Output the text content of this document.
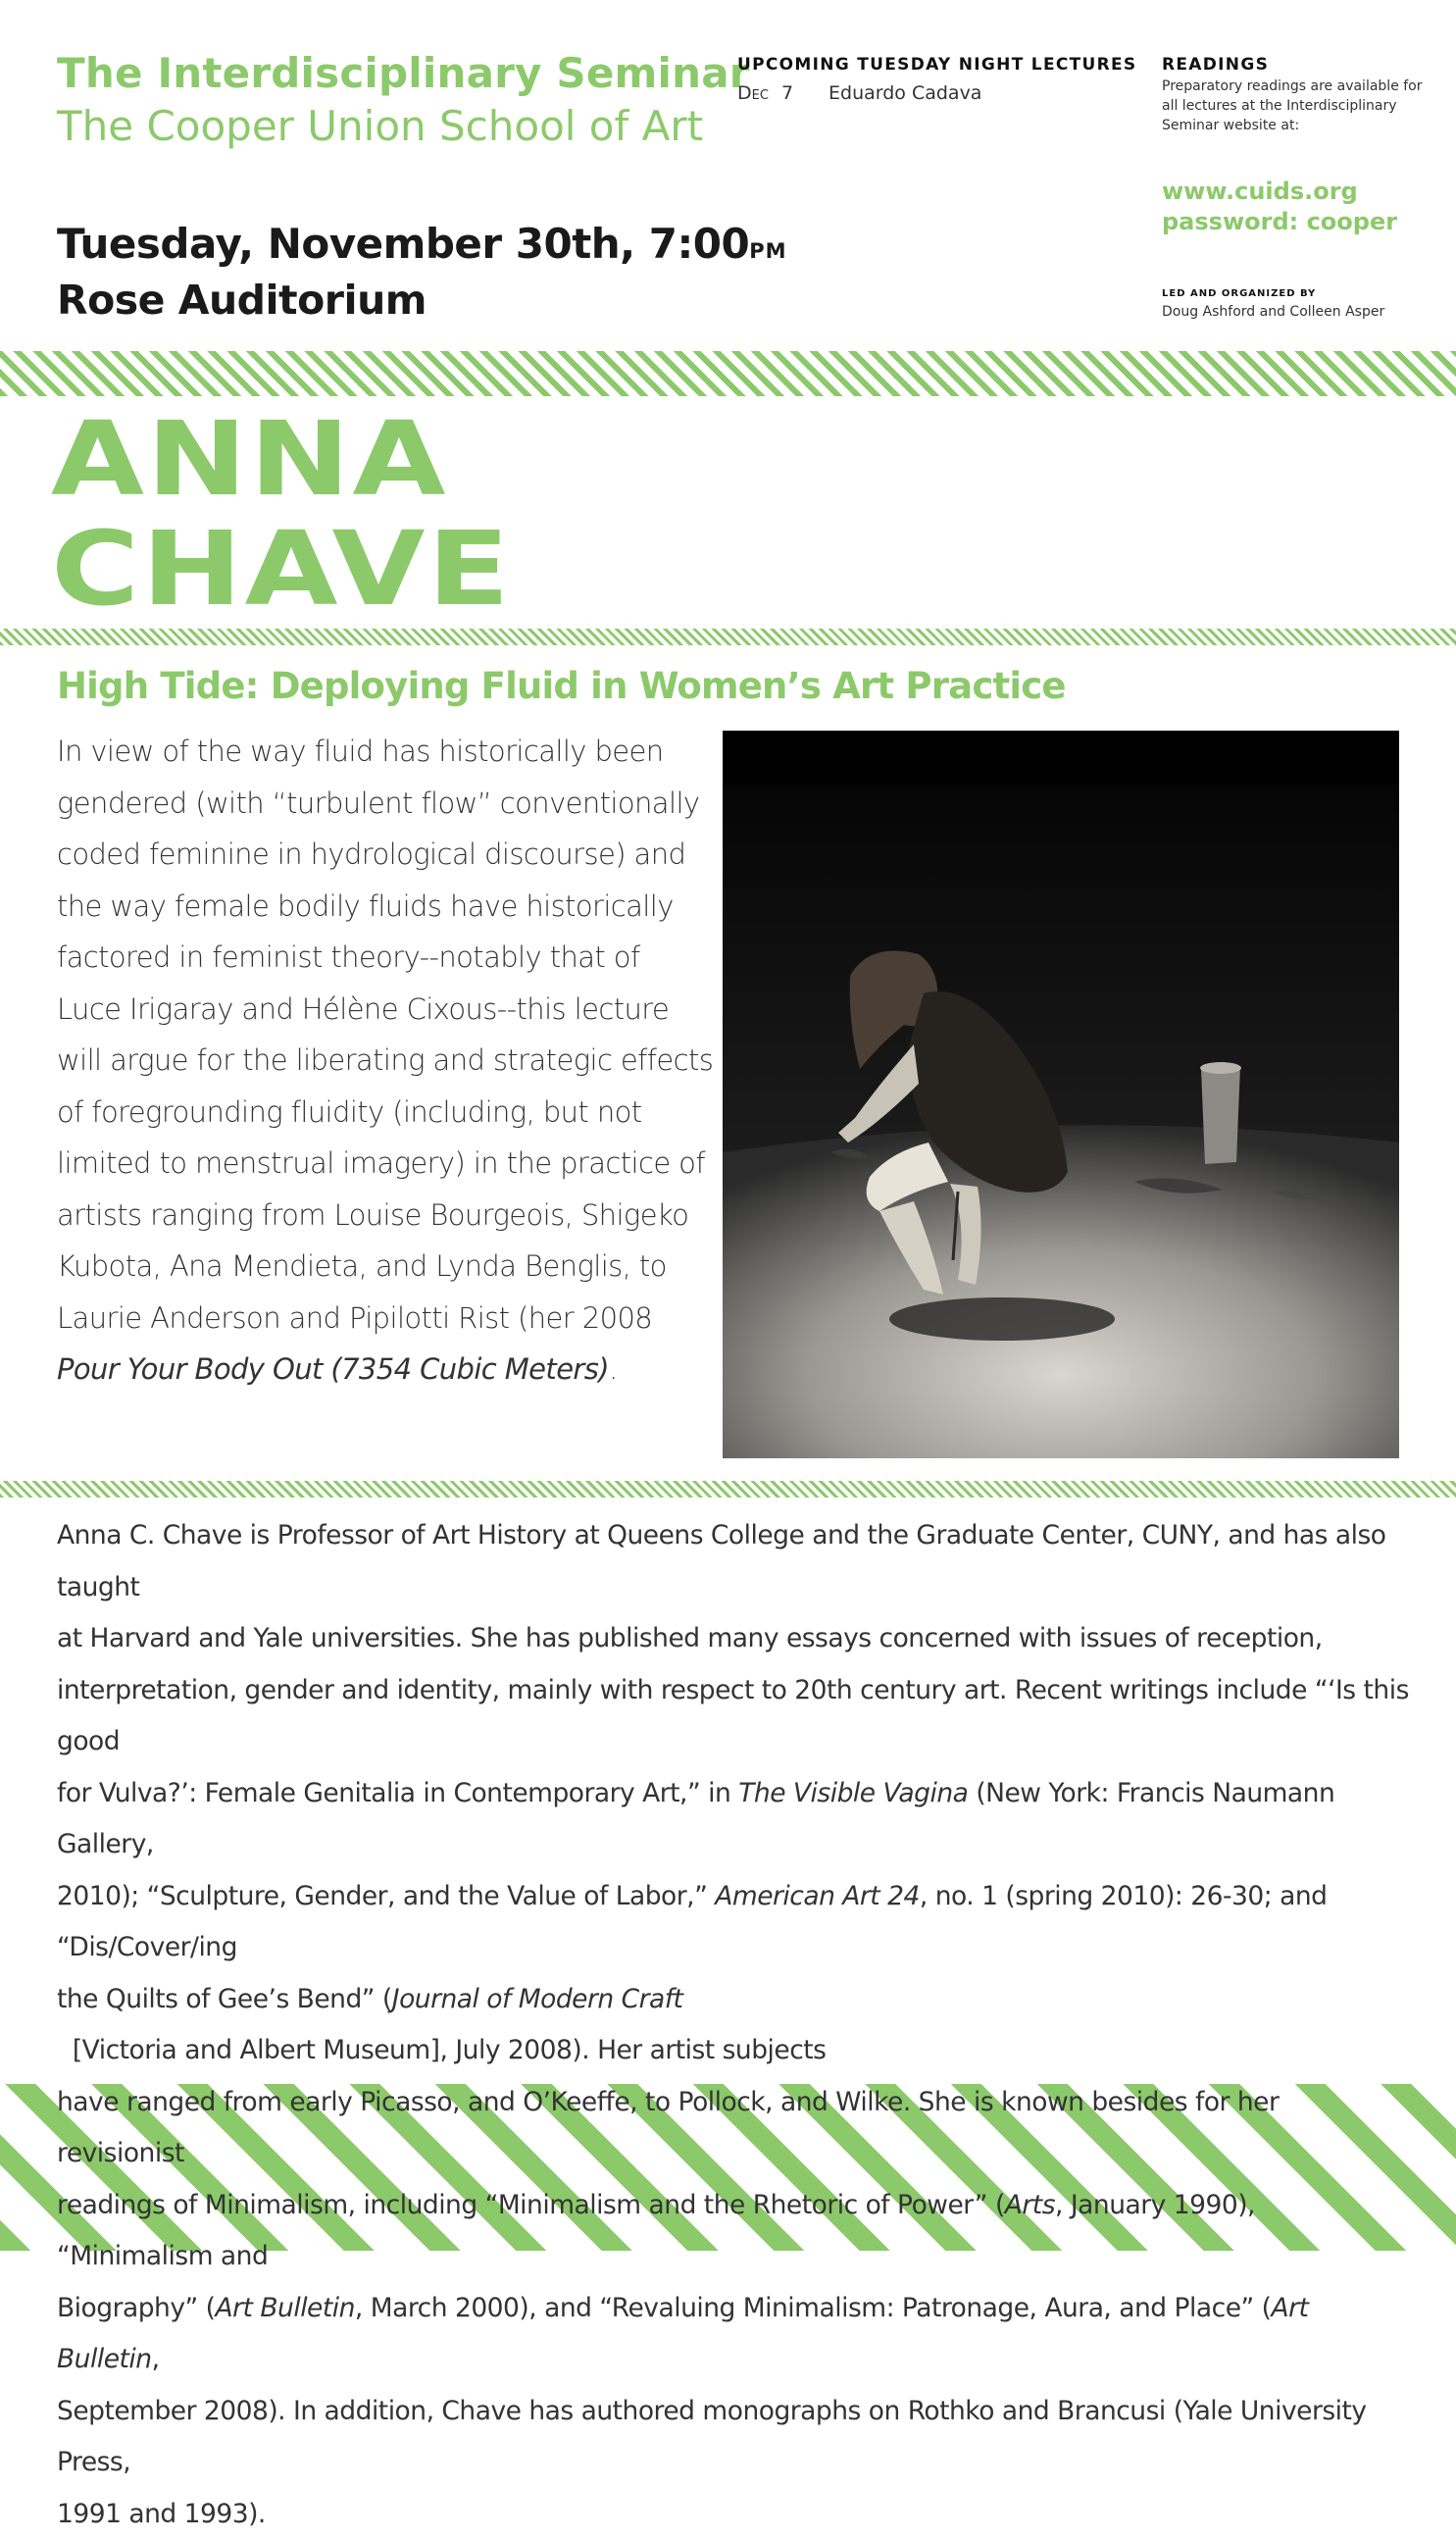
The Interdisciplinary Seminar
The Cooper Union School of Art
Tuesday, November 30th, 7:00pm
Rose Auditorium
UPCOMING TUESDAY NIGHT LECTURES
Dec 7	Eduardo Cadava
READINGS
Preparatory readings are available for all lectures at the Interdisciplinary Seminar website at:
www.cuids.org
password: cooper
LED AND ORGANIZED BY
Doug Ashford and Colleen Asper
ANNA
CHAVE
High Tide: Deploying Fluid in Women’s Art Practice
In view of the way fluid has historically been
gendered (with “turbulent flow” conventionally
coded feminine in hydrological discourse) and
the way female bodily fluids have historically
factored in feminist theory--notably that of
Luce Irigaray and Hélène Cixous--this lecture
will argue for the liberating and strategic effects
of foregrounding fluidity (including, but not
limited to menstrual imagery) in the practice of
artists ranging from Louise Bourgeois, Shigeko
Kubota, Ana Mendieta, and Lynda Benglis, to
Laurie Anderson and Pipilotti Rist (her 2008
Pour Your Body Out (7354 Cubic Meters).
Anna C. Chave is Professor of Art History at Queens College and the Graduate Center, CUNY, and has also taught
at Harvard and Yale universities. She has published many essays concerned with issues of reception,
interpretation, gender and identity, mainly with respect to 20th century art. Recent writings include “‘Is this good
for Vulva?’: Female Genitalia in Contemporary Art,” in The Visible Vagina (New York: Francis Naumann Gallery,
2010); “Sculpture, Gender, and the Value of Labor,” American Art 24, no. 1 (spring 2010): 26-30; and “Dis/Cover/ing
the Quilts of Gee’s Bend” (Journal of Modern Craft  [Victoria and Albert Museum], July 2008). Her artist subjects
have ranged from early Picasso, and O’Keeffe, to Pollock, and Wilke. She is known besides for her revisionist
readings of Minimalism, including “Minimalism and the Rhetoric of Power” (Arts, January 1990), “Minimalism and
Biography” (Art Bulletin, March 2000), and “Revaluing Minimalism: Patronage, Aura, and Place” (Art Bulletin,
September 2008). In addition, Chave has authored monographs on Rothko and Brancusi (Yale University Press,
1991 and 1993).
